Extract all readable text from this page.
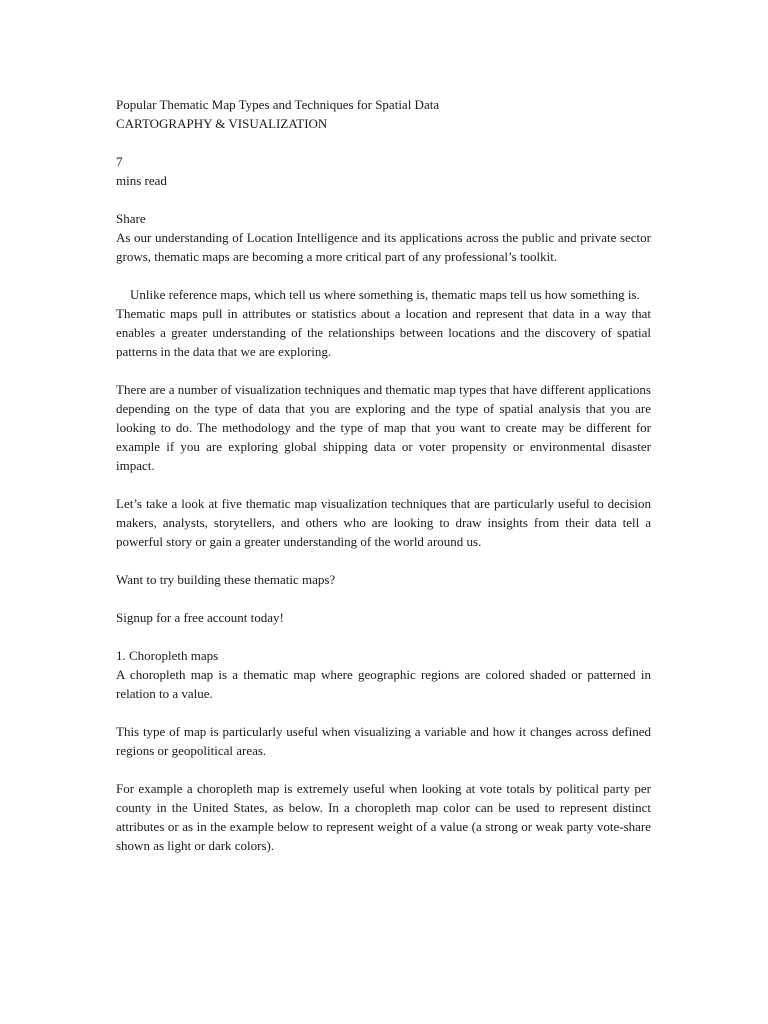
Popular Thematic Map Types and Techniques for Spatial Data
CARTOGRAPHY & VISUALIZATION
7
mins read
Share

As our understanding of Location Intelligence and its applications across the public and private sector grows, thematic maps are becoming a more critical part of any professional’s toolkit.

Unlike reference maps, which tell us where something is, thematic maps tell us how something is.

Thematic maps pull in attributes or statistics about a location and represent that data in a way that enables a greater understanding of the relationships between locations and the discovery of spatial patterns in the data that we are exploring.

There are a number of visualization techniques and thematic map types that have different applications depending on the type of data that you are exploring and the type of spatial analysis that you are looking to do. The methodology and the type of map that you want to create may be different for example if you are exploring global shipping data or voter propensity or environmental disaster impact.

Let’s take a look at five thematic map visualization techniques that are particularly useful to decision makers, analysts, storytellers, and others who are looking to draw insights from their data tell a powerful story or gain a greater understanding of the world around us.

Want to try building these thematic maps?
Signup for a free account today!
1. Choropleth maps

A choropleth map is a thematic map where geographic regions are colored shaded or patterned in relation to a value.

This type of map is particularly useful when visualizing a variable and how it changes across defined regions or geopolitical areas.

For example a choropleth map is extremely useful when looking at vote totals by political party per county in the United States, as below. In a choropleth map color can be used to represent distinct attributes or as in the example below to represent weight of a value (a strong or weak party vote-share shown as light or dark colors).
